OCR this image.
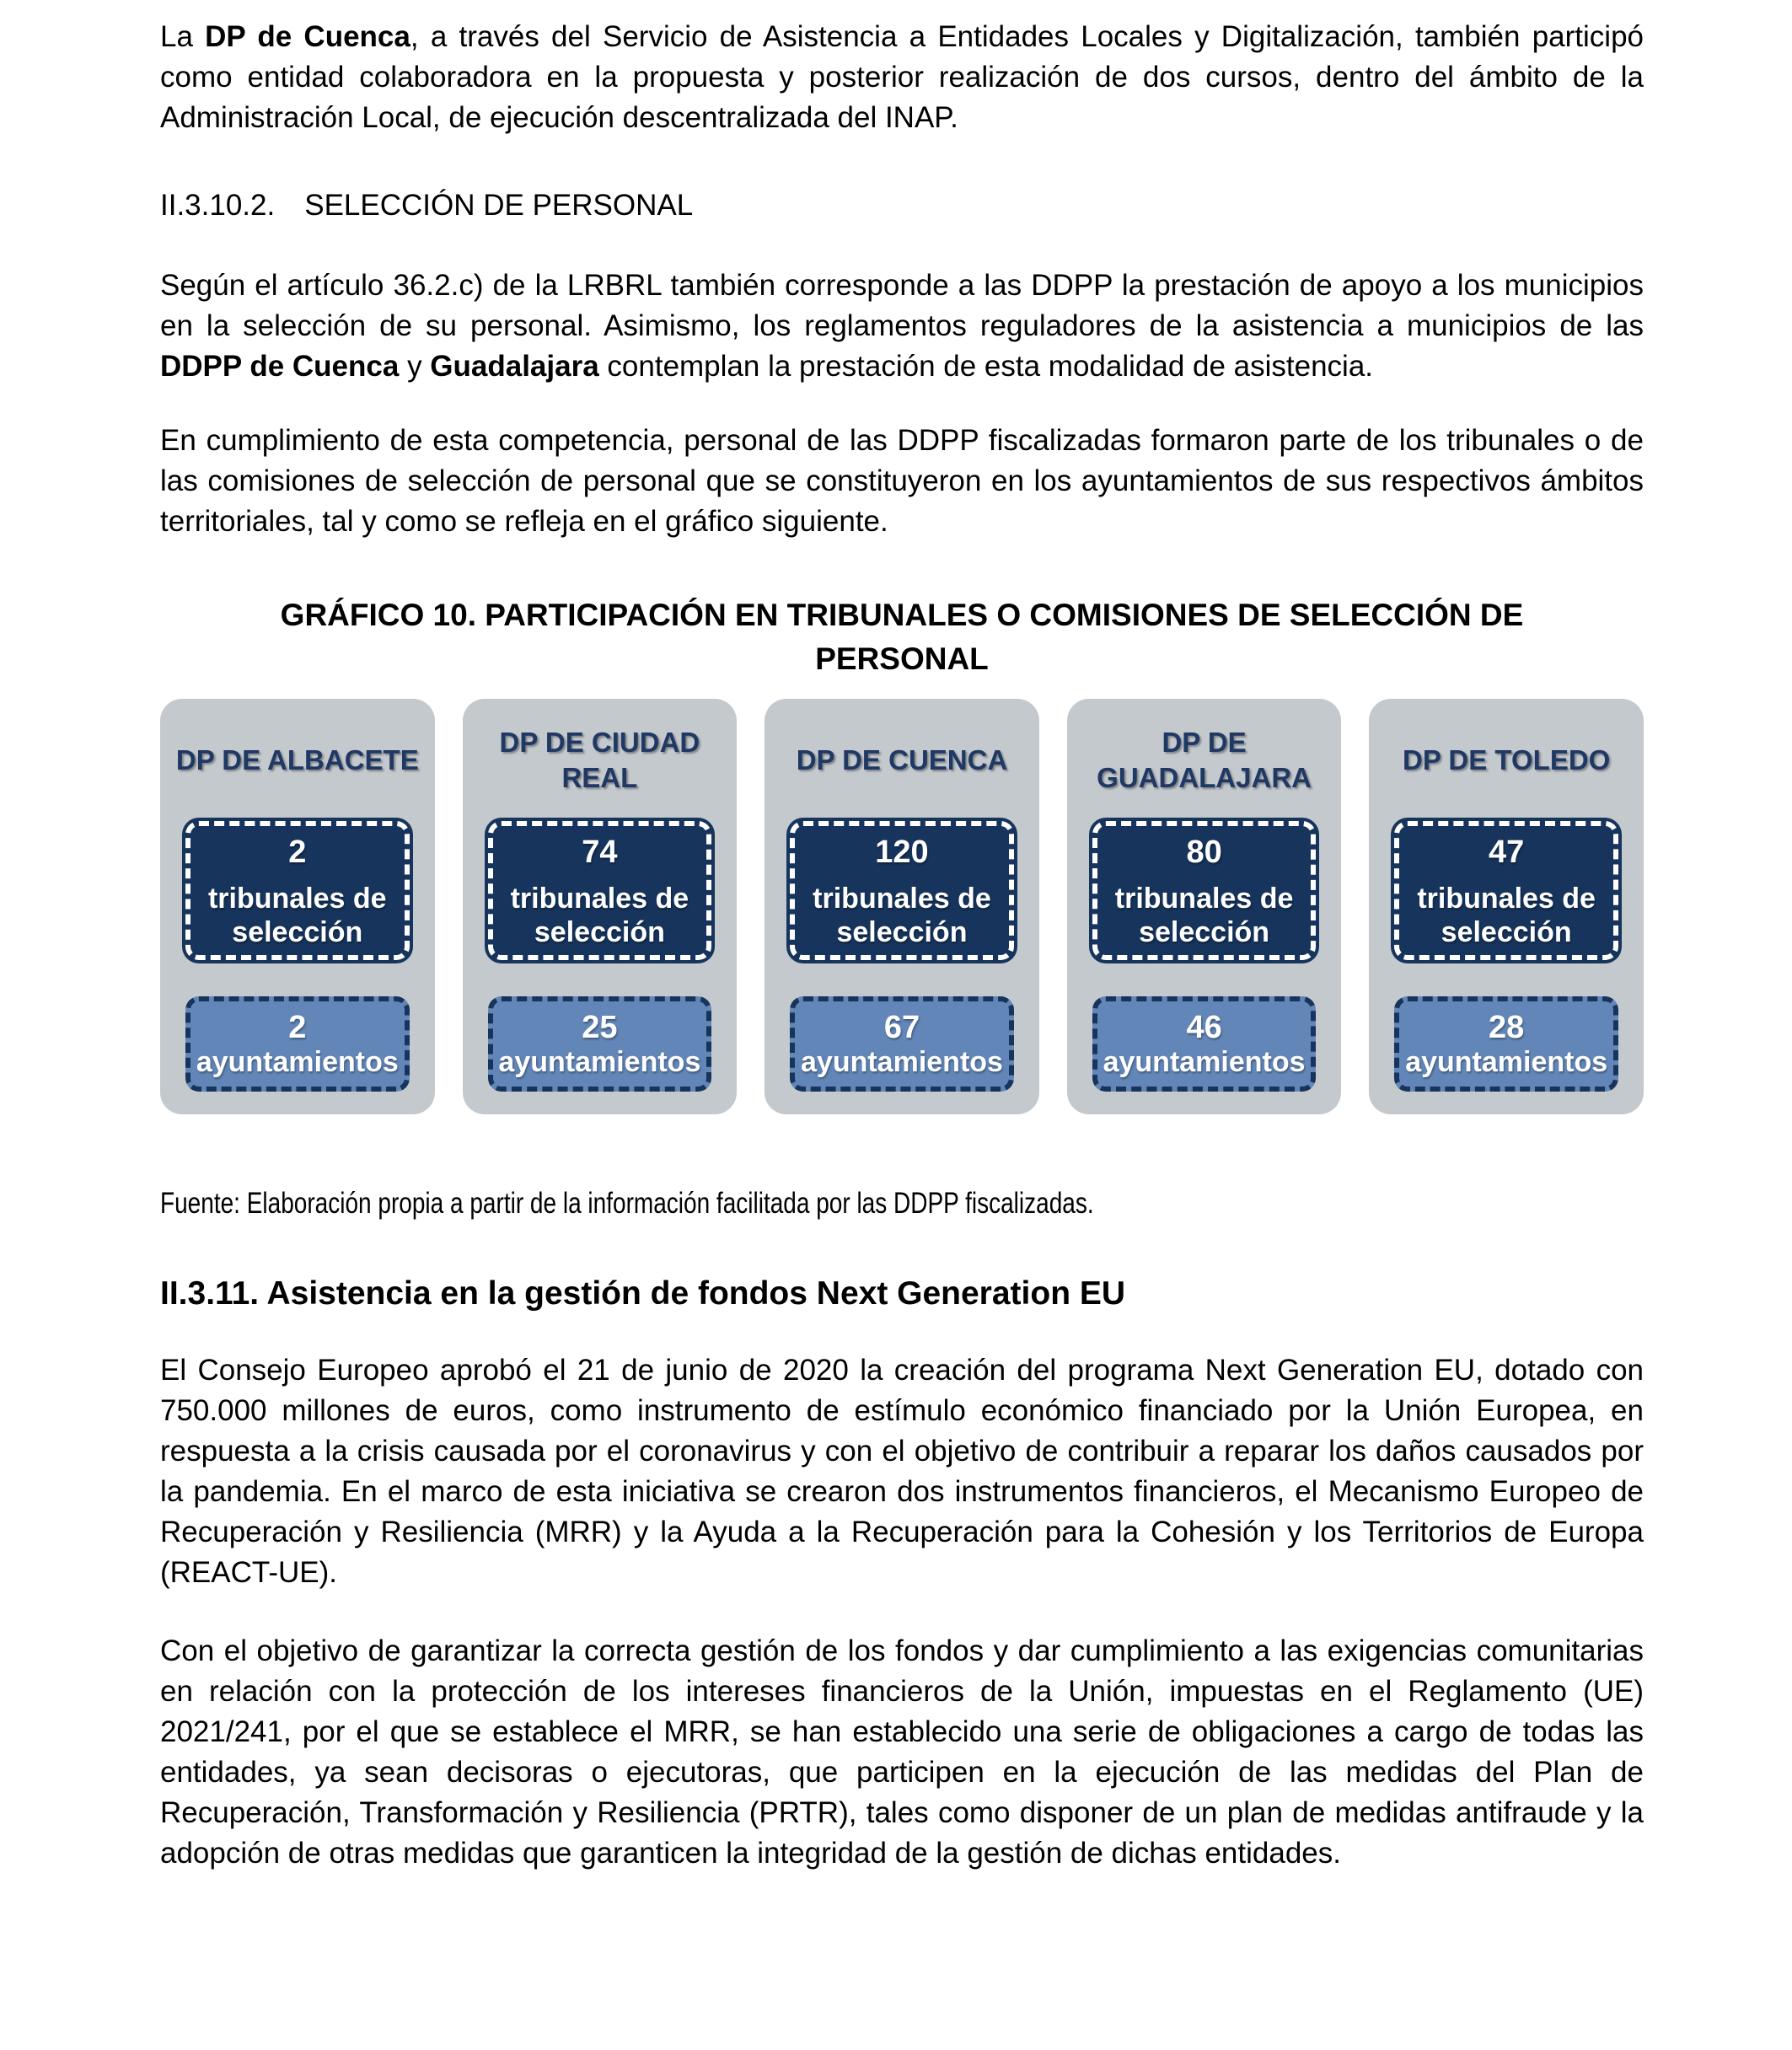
La DP de Cuenca, a través del Servicio de Asistencia a Entidades Locales y Digitalización, también participó como entidad colaboradora en la propuesta y posterior realización de dos cursos, dentro del ámbito de la Administración Local, de ejecución descentralizada del INAP.

II.3.10.2. SELECCIÓN DE PERSONAL

Según el artículo 36.2.c) de la LRBRL también corresponde a las DDPP la prestación de apoyo a los municipios en la selección de su personal. Asimismo, los reglamentos reguladores de la asistencia a municipios de las DDPP de Cuenca y Guadalajara contemplan la prestación de esta modalidad de asistencia.

En cumplimiento de esta competencia, personal de las DDPP fiscalizadas formaron parte de los tribunales o de las comisiones de selección de personal que se constituyeron en los ayuntamientos de sus respectivos ámbitos territoriales, tal y como se refleja en el gráfico siguiente.

GRÁFICO 10. PARTICIPACIÓN EN TRIBUNALES O COMISIONES DE SELECCIÓN DE
PERSONAL
DP DE ALBACETE
2
tribunales de selección
2
ayuntamientos
DP DE CIUDAD REAL
74
tribunales de selección
25
ayuntamientos
DP DE CUENCA
120
tribunales de selección
67
ayuntamientos
DP DE GUADALAJARA
80
tribunales de selección
46
ayuntamientos
DP DE TOLEDO
47
tribunales de selección
28
ayuntamientos
Fuente: Elaboración propia a partir de la información facilitada por las DDPP fiscalizadas.
II.3.11. Asistencia en la gestión de fondos Next Generation EU

El Consejo Europeo aprobó el 21 de junio de 2020 la creación del programa Next Generation EU, dotado con 750.000 millones de euros, como instrumento de estímulo económico financiado por la Unión Europea, en respuesta a la crisis causada por el coronavirus y con el objetivo de contribuir a reparar los daños causados por la pandemia. En el marco de esta iniciativa se crearon dos instrumentos financieros, el Mecanismo Europeo de Recuperación y Resiliencia (MRR) y la Ayuda a la Recuperación para la Cohesión y los Territorios de Europa (REACT-UE).

Con el objetivo de garantizar la correcta gestión de los fondos y dar cumplimiento a las exigencias comunitarias en relación con la protección de los intereses financieros de la Unión, impuestas en el Reglamento (UE) 2021/241, por el que se establece el MRR, se han establecido una serie de obligaciones a cargo de todas las entidades, ya sean decisoras o ejecutoras, que participen en la ejecución de las medidas del Plan de Recuperación, Transformación y Resiliencia (PRTR), tales como disponer de un plan de medidas antifraude y la adopción de otras medidas que garanticen la integridad de la gestión de dichas entidades.
